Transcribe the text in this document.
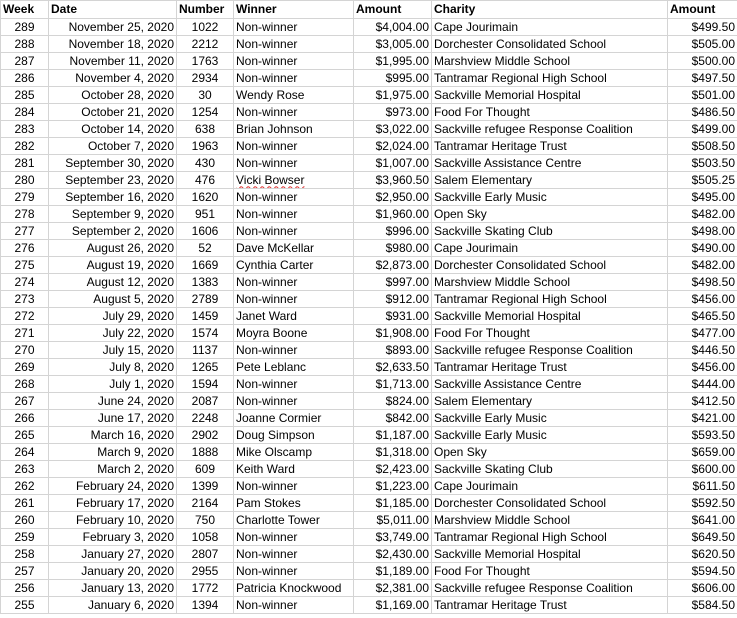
Week	Date	Number	Winner	Amount	Charity	Amount
289	November 25, 2020	1022	Non-winner	$4,004.00	Cape Jourimain	$499.50
288	November 18, 2020	2212	Non-winner	$3,005.00	Dorchester Consolidated School	$505.00
287	November 11, 2020	1763	Non-winner	$1,995.00	Marshview Middle School	$500.00
286	November 4, 2020	2934	Non-winner	$995.00	Tantramar Regional High School	$497.50
285	October 28, 2020	30	Wendy Rose	$1,975.00	Sackville Memorial Hospital	$501.00
284	October 21, 2020	1254	Non-winner	$973.00	Food For Thought	$486.50
283	October 14, 2020	638	Brian Johnson	$3,022.00	Sackville refugee Response Coalition	$499.00
282	October 7, 2020	1963	Non-winner	$2,024.00	Tantramar Heritage Trust	$508.50
281	September 30, 2020	430	Non-winner	$1,007.00	Sackville Assistance Centre	$503.50
280	September 23, 2020	476	Vicki Bowser	$3,960.50	Salem Elementary	$505.25
279	September 16, 2020	1620	Non-winner	$2,950.00	Sackville Early Music	$495.00
278	September 9, 2020	951	Non-winner	$1,960.00	Open Sky	$482.00
277	September 2, 2020	1606	Non-winner	$996.00	Sackville Skating Club	$498.00
276	August 26, 2020	52	Dave McKellar	$980.00	Cape Jourimain	$490.00
275	August 19, 2020	1669	Cynthia Carter	$2,873.00	Dorchester Consolidated School	$482.00
274	August 12, 2020	1383	Non-winner	$997.00	Marshview Middle School	$498.50
273	August 5, 2020	2789	Non-winner	$912.00	Tantramar Regional High School	$456.00
272	July 29, 2020	1459	Janet Ward	$931.00	Sackville Memorial Hospital	$465.50
271	July 22, 2020	1574	Moyra Boone	$1,908.00	Food For Thought	$477.00
270	July 15, 2020	1137	Non-winner	$893.00	Sackville refugee Response Coalition	$446.50
269	July 8, 2020	1265	Pete Leblanc	$2,633.50	Tantramar Heritage Trust	$456.00
268	July 1, 2020	1594	Non-winner	$1,713.00	Sackville Assistance Centre	$444.00
267	June 24, 2020	2087	Non-winner	$824.00	Salem Elementary	$412.50
266	June 17, 2020	2248	Joanne Cormier	$842.00	Sackville Early Music	$421.00
265	March 16, 2020	2902	Doug Simpson	$1,187.00	Sackville Early Music	$593.50
264	March 9, 2020	1888	Mike Olscamp	$1,318.00	Open Sky	$659.00
263	March 2, 2020	609	Keith Ward	$2,423.00	Sackville Skating Club	$600.00
262	February 24, 2020	1399	Non-winner	$1,223.00	Cape Jourimain	$611.50
261	February 17, 2020	2164	Pam Stokes	$1,185.00	Dorchester Consolidated School	$592.50
260	February 10, 2020	750	Charlotte Tower	$5,011.00	Marshview Middle School	$641.00
259	February 3, 2020	1058	Non-winner	$3,749.00	Tantramar Regional High School	$649.50
258	January 27, 2020	2807	Non-winner	$2,430.00	Sackville Memorial Hospital	$620.50
257	January 20, 2020	2955	Non-winner	$1,189.00	Food For Thought	$594.50
256	January 13, 2020	1772	Patricia Knockwood	$2,381.00	Sackville refugee Response Coalition	$606.00
255	January 6, 2020	1394	Non-winner	$1,169.00	Tantramar Heritage Trust	$584.50
